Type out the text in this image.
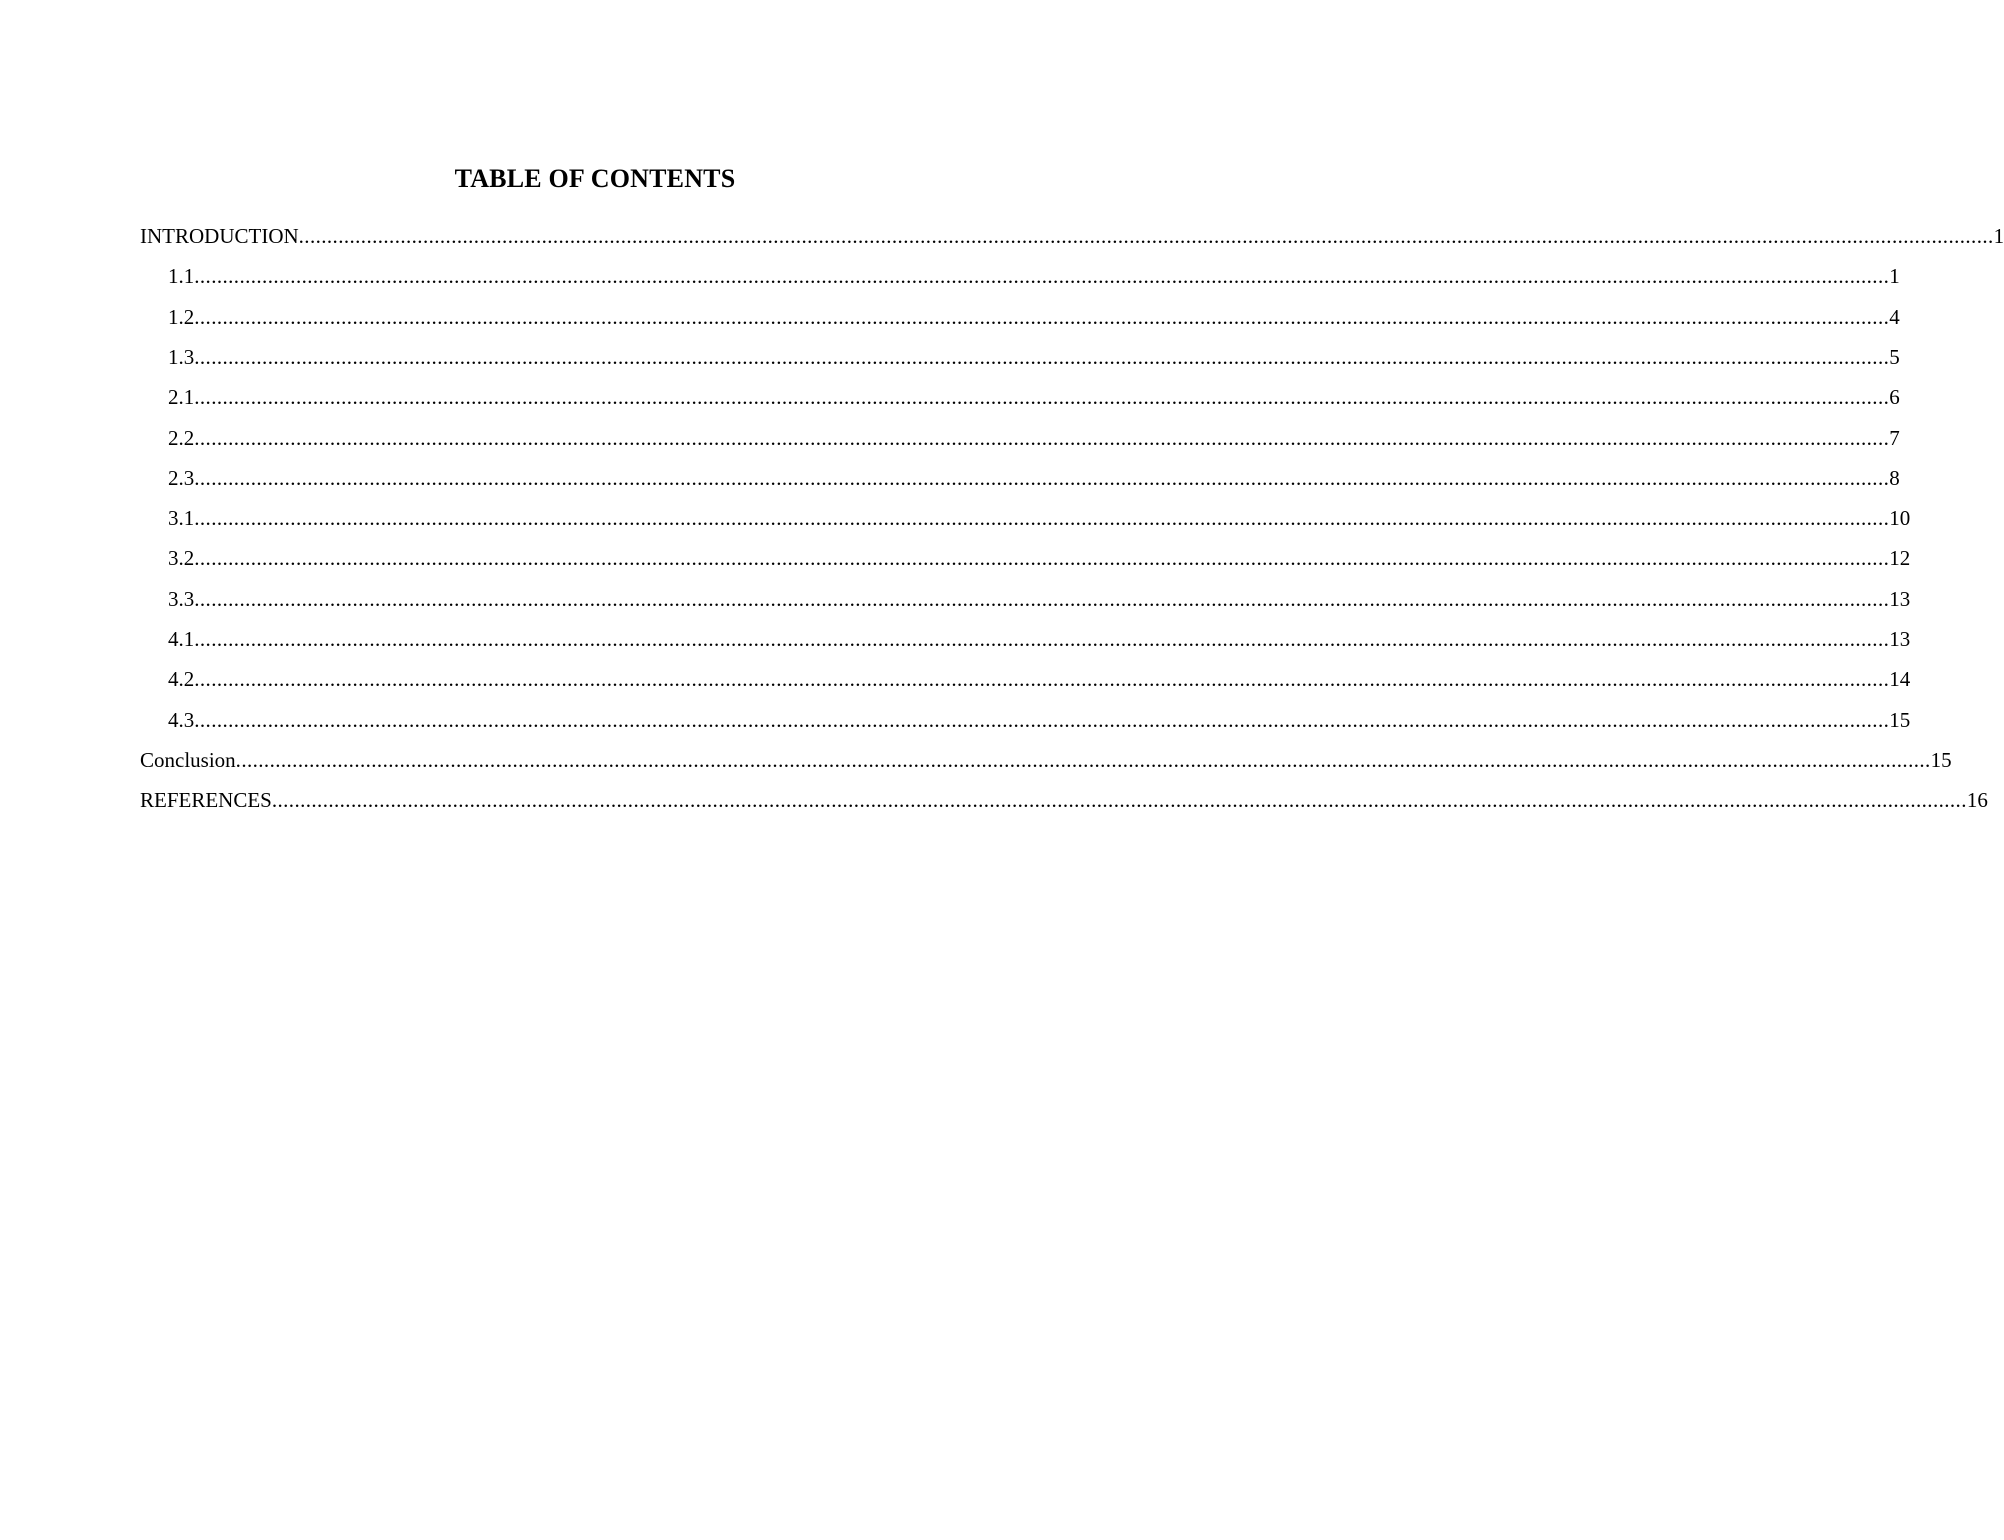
TABLE OF CONTENTS
INTRODUCTION ............................................................................................................................................................................................................................................................................................................ 1
1.1 ............................................................................................................................................................................................................................................................................................................ 1
1.2 ............................................................................................................................................................................................................................................................................................................ 4
1.3 ............................................................................................................................................................................................................................................................................................................ 5
2.1 ............................................................................................................................................................................................................................................................................................................ 6
2.2 ............................................................................................................................................................................................................................................................................................................ 7
2.3 ............................................................................................................................................................................................................................................................................................................ 8
3.1 ............................................................................................................................................................................................................................................................................................................ 10
3.2 ............................................................................................................................................................................................................................................................................................................ 12
3.3 ............................................................................................................................................................................................................................................................................................................ 13
4.1 ............................................................................................................................................................................................................................................................................................................ 13
4.2 ............................................................................................................................................................................................................................................................................................................ 14
4.3 ............................................................................................................................................................................................................................................................................................................ 15
Conclusion ............................................................................................................................................................................................................................................................................................................ 15
REFERENCES ............................................................................................................................................................................................................................................................................................................ 16
